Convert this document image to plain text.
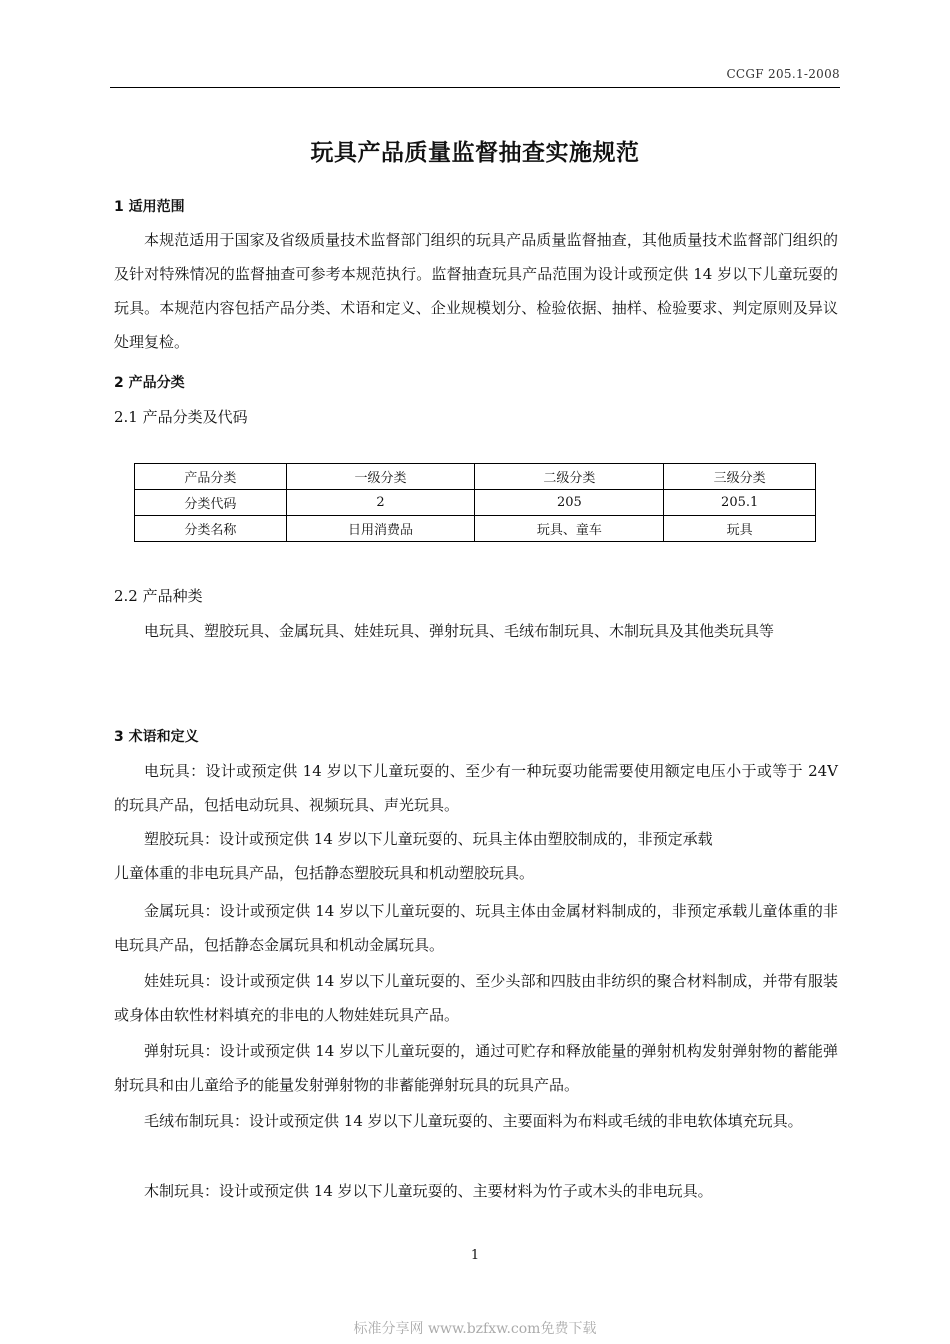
CCGF 205.1-2008
玩具产品质量监督抽查实施规范
1 适用范围
本规范适用于国家及省级质量技术监督部门组织的玩具产品质量监督抽查，其他质量技术监督部门组织的及针对特殊情况的监督抽查可参考本规范执行。监督抽查玩具产品范围为设计或预定供 14 岁以下儿童玩耍的玩具。本规范内容包括产品分类、术语和定义、企业规模划分、检验依据、抽样、检验要求、判定原则及异议处理复检。
2 产品分类
2.1 产品分类及代码
产品分类	一级分类	二级分类	三级分类
分类代码	2	205	205.1
分类名称	日用消费品	玩具、童车	玩具
2.2 产品种类
电玩具、塑胶玩具、金属玩具、娃娃玩具、弹射玩具、毛绒布制玩具、木制玩具及其他类玩具等
3 术语和定义
电玩具：设计或预定供 14 岁以下儿童玩耍的、至少有一种玩耍功能需要使用额定电压小于或等于 24V 的玩具产品，包括电动玩具、视频玩具、声光玩具。
塑胶玩具：设计或预定供 14 岁以下儿童玩耍的、玩具主体由塑胶制成的，非预定承载
儿童体重的非电玩具产品，包括静态塑胶玩具和机动塑胶玩具。
金属玩具：设计或预定供 14 岁以下儿童玩耍的、玩具主体由金属材料制成的，非预定承载儿童体重的非电玩具产品，包括静态金属玩具和机动金属玩具。
娃娃玩具：设计或预定供 14 岁以下儿童玩耍的、至少头部和四肢由非纺织的聚合材料制成，并带有服装或身体由软性材料填充的非电的人物娃娃玩具产品。
弹射玩具：设计或预定供 14 岁以下儿童玩耍的，通过可贮存和释放能量的弹射机构发射弹射物的蓄能弹射玩具和由儿童给予的能量发射弹射物的非蓄能弹射玩具的玩具产品。
毛绒布制玩具：设计或预定供 14 岁以下儿童玩耍的、主要面料为布料或毛绒的非电软体填充玩具。
木制玩具：设计或预定供 14 岁以下儿童玩耍的、主要材料为竹子或木头的非电玩具。
1
标准分享网 www.bzfxw.com免费下载
